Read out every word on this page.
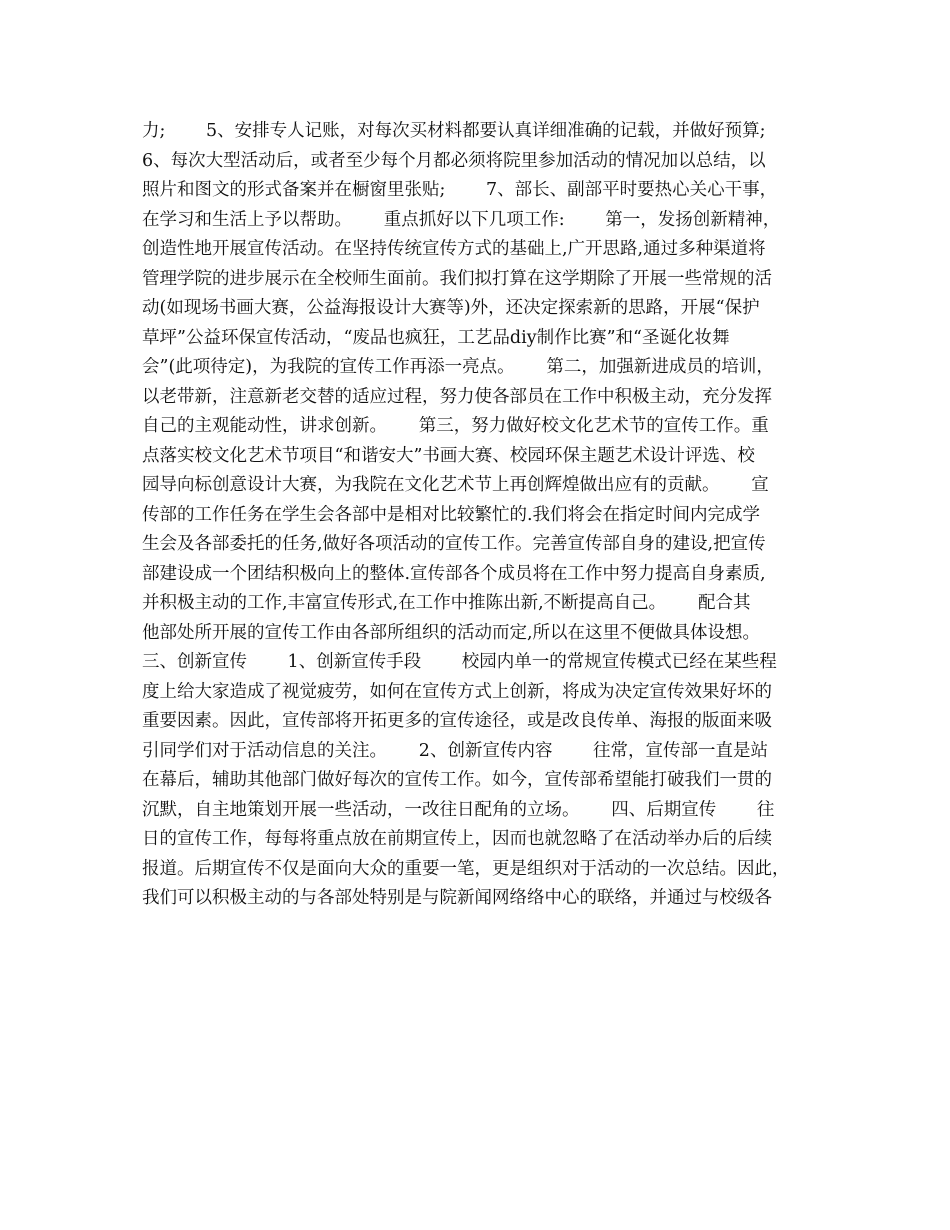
力;　　 5、安排专人记账，对每次买材料都要认真详细准确的记载，并做好预算;
6、每次大型活动后，或者至少每个月都必须将院里参加活动的情况加以总结，以
照片和图文的形式备案并在橱窗里张贴;　　 7、部长、副部平时要热心关心干事，
在学习和生活上予以帮助。　　 重点抓好以下几项工作:　　 第一，发扬创新精神，
创造性地开展宣传活动。在坚持传统宣传方式的基础上,广开思路,通过多种渠道将
管理学院的进步展示在全校师生面前。我们拟打算在这学期除了开展一些常规的活
动(如现场书画大赛，公益海报设计大赛等)外，还决定探索新的思路，开展“保护
草坪”公益环保宣传活动，“废品也疯狂，工艺品diy制作比赛”和“圣诞化妆舞
会”(此项待定)，为我院的宣传工作再添一亮点。　　 第二，加强新进成员的培训，
以老带新，注意新老交替的适应过程，努力使各部员在工作中积极主动，充分发挥
自己的主观能动性，讲求创新。　　 第三，努力做好校文化艺术节的宣传工作。重
点落实校文化艺术节项目“和谐安大”书画大赛、校园环保主题艺术设计评选、校
园导向标创意设计大赛，为我院在文化艺术节上再创辉煌做出应有的贡献。　　 宣
传部的工作任务在学生会各部中是相对比较繁忙的.我们将会在指定时间内完成学
生会及各部委托的任务,做好各项活动的宣传工作。完善宣传部自身的建设,把宣传
部建设成一个团结积极向上的整体.宣传部各个成员将在工作中努力提高自身素质,
并积极主动的工作,丰富宣传形式,在工作中推陈出新,不断提高自己。　　 配合其
他部处所开展的宣传工作由各部所组织的活动而定,所以在这里不便做具体设想。
三、创新宣传　　 1、创新宣传手段　　 校园内单一的常规宣传模式已经在某些程
度上给大家造成了视觉疲劳，如何在宣传方式上创新，将成为决定宣传效果好坏的
重要因素。因此，宣传部将开拓更多的宣传途径，或是改良传单、海报的版面来吸
引同学们对于活动信息的关注。　　 2、创新宣传内容　　 往常，宣传部一直是站
在幕后，辅助其他部门做好每次的宣传工作。如今，宣传部希望能打破我们一贯的
沉默，自主地策划开展一些活动，一改往日配角的立场。　　 四、后期宣传　　 往
日的宣传工作，每每将重点放在前期宣传上，因而也就忽略了在活动举办后的后续
报道。后期宣传不仅是面向大众的重要一笔，更是组织对于活动的一次总结。因此，
我们可以积极主动的与各部处特别是与院新闻网络络中心的联络，并通过与校级各
